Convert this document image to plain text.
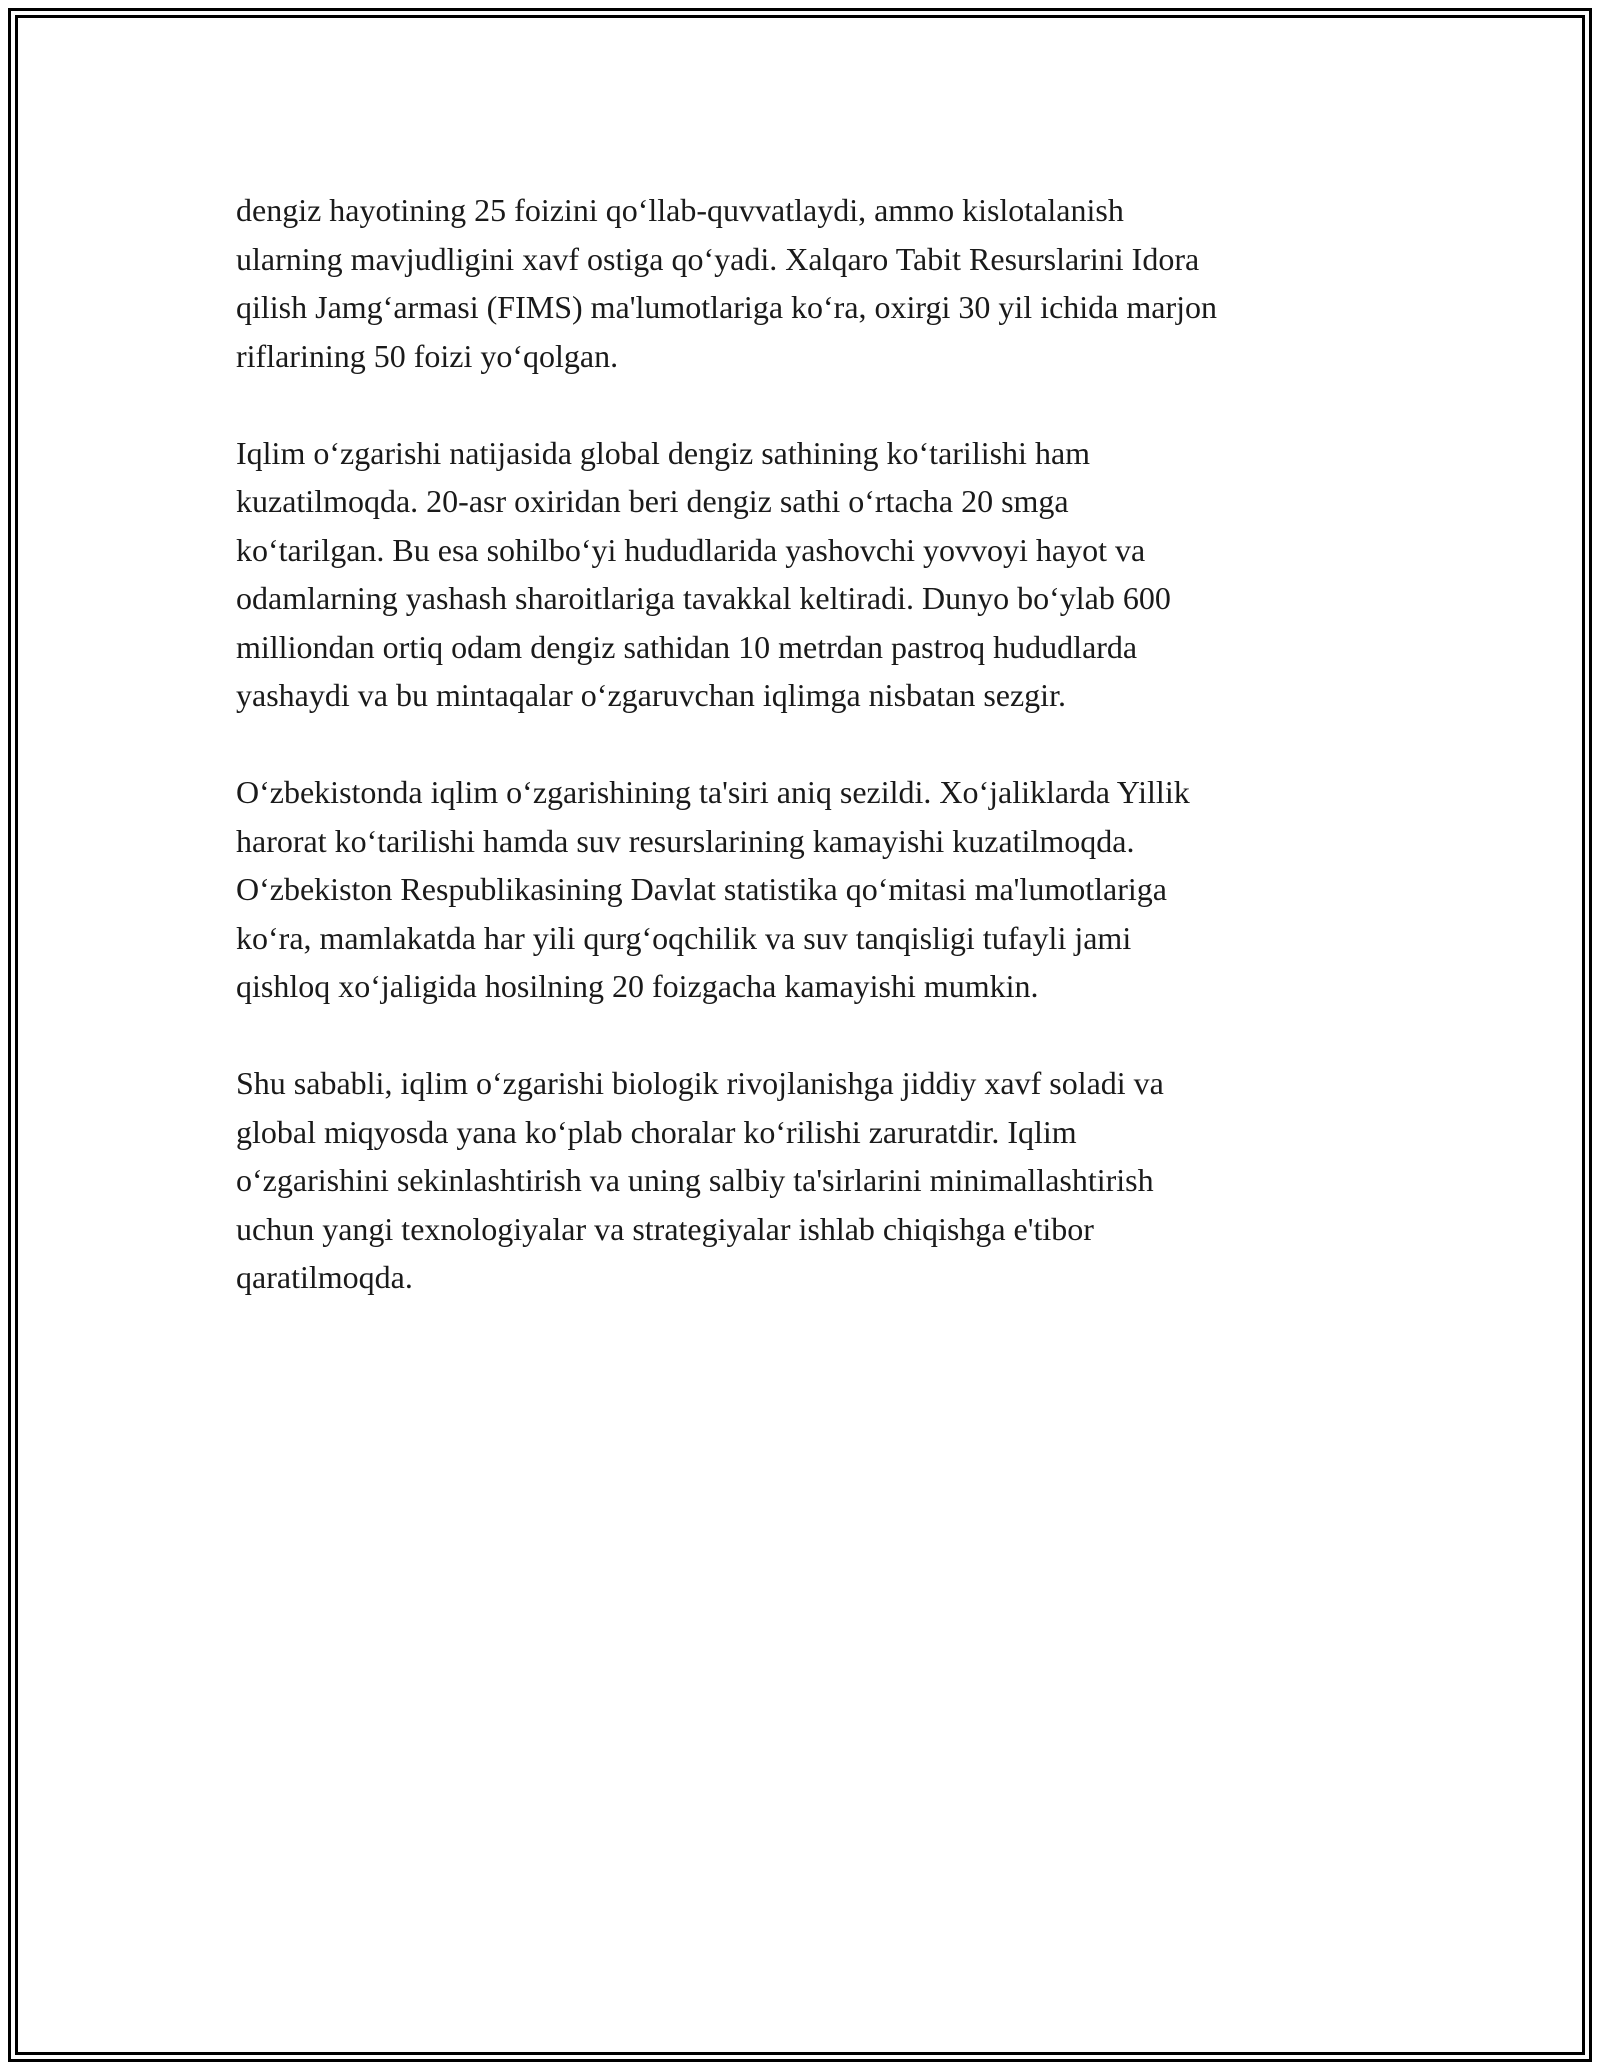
dengiz hayotining 25 foizini qo‘llab-quvvatlaydi, ammo kislotalanish
ularning mavjudligini xavf ostiga qo‘yadi. Xalqaro Tabit Resurslarini Idora
qilish Jamg‘armasi (FIMS) ma'lumotlariga ko‘ra, oxirgi 30 yil ichida marjon
riflarining 50 foizi yo‘qolgan.

Iqlim o‘zgarishi natijasida global dengiz sathining ko‘tarilishi ham
kuzatilmoqda. 20-asr oxiridan beri dengiz sathi o‘rtacha 20 smga
ko‘tarilgan. Bu esa sohilbo‘yi hududlarida yashovchi yovvoyi hayot va
odamlarning yashash sharoitlariga tavakkal keltiradi. Dunyo bo‘ylab 600
milliondan ortiq odam dengiz sathidan 10 metrdan pastroq hududlarda
yashaydi va bu mintaqalar o‘zgaruvchan iqlimga nisbatan sezgir.

O‘zbekistonda iqlim o‘zgarishining ta'siri aniq sezildi. Xo‘jaliklarda Yillik
harorat ko‘tarilishi hamda suv resurslarining kamayishi kuzatilmoqda.
O‘zbekiston Respublikasining Davlat statistika qo‘mitasi ma'lumotlariga
ko‘ra, mamlakatda har yili qurg‘oqchilik va suv tanqisligi tufayli jami
qishloq xo‘jaligida hosilning 20 foizgacha kamayishi mumkin.

Shu sababli, iqlim o‘zgarishi biologik rivojlanishga jiddiy xavf soladi va
global miqyosda yana ko‘plab choralar ko‘rilishi zaruratdir. Iqlim
o‘zgarishini sekinlashtirish va uning salbiy ta'sirlarini minimallashtirish
uchun yangi texnologiyalar va strategiyalar ishlab chiqishga e'tibor
qaratilmoqda.
